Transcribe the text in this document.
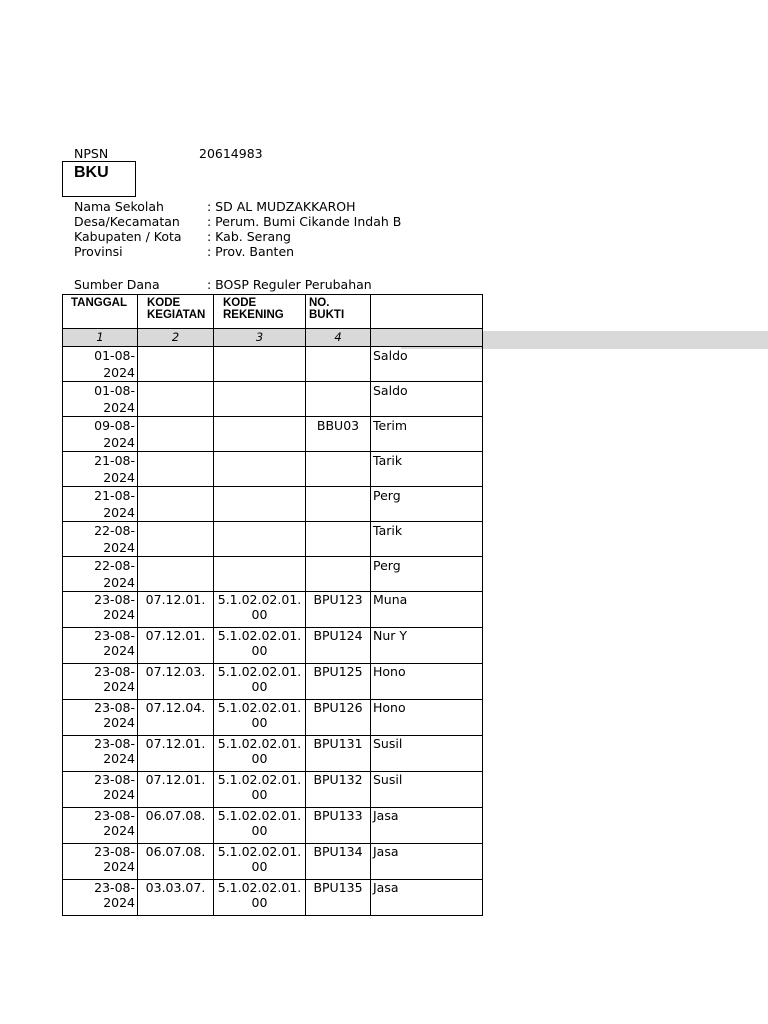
NPSN	20614983
BKU
Nama Sekolah	: SD AL MUDZAKKAROH
Desa/Kecamatan : Perum. Bumi Cikande Indah B
Kabupaten / Kota : Kab. Serang
Provinsi	: Prov. Banten
Sumber Dana	: BOSP Reguler Perubahan
TANGGAL	KODE KEGIATAN	KODE REKENING	NO. BUKTI	
1	2	3	4	
01-08-2024				Saldo
01-08-2024				Saldo
09-08-2024			BBU03	Terim
21-08-2024				Tarik
21-08-2024				Perg
22-08-2024				Tarik
22-08-2024				Perg
23-08-2024	07.12.01.	5.1.02.02.01.00	BPU123	Muna
23-08-2024	07.12.01.	5.1.02.02.01.00	BPU124	Nur Y
23-08-2024	07.12.03.	5.1.02.02.01.00	BPU125	Hono
23-08-2024	07.12.04.	5.1.02.02.01.00	BPU126	Hono
23-08-2024	07.12.01.	5.1.02.02.01.00	BPU131	Susil
23-08-2024	07.12.01.	5.1.02.02.01.00	BPU132	Susil
23-08-2024	06.07.08.	5.1.02.02.01.00	BPU133	Jasa
23-08-2024	06.07.08.	5.1.02.02.01.00	BPU134	Jasa
23-08-2024	03.03.07.	5.1.02.02.01.00	BPU135	Jasa
